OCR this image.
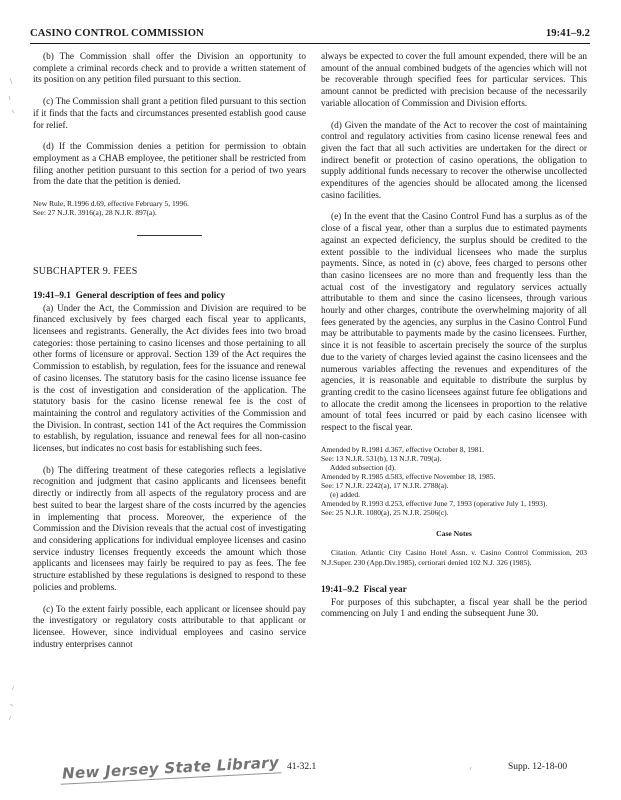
CASINO CONTROL COMMISSION	19:41–9.2

(b) The Commission shall offer the Division an opportunity to complete a criminal records check and to provide a written statement of its position on any petition filed pursuant to this section.

(c) The Commission shall grant a petition filed pursuant to this section if it finds that the facts and circumstances presented establish good cause for relief.

(d) If the Commission denies a petition for permission to obtain employment as a CHAB employee, the petitioner shall be restricted from filing another petition pursuant to this section for a period of two years from the date that the petition is denied.

New Rule, R.1996 d.69, effective February 5, 1996.

See: 27 N.J.R. 3916(a), 28 N.J.R. 897(a).

SUBCHAPTER 9. FEES

19:41–9.1 General description of fees and policy

(a) Under the Act, the Commission and Division are required to be financed exclusively by fees charged each fiscal year to applicants, licensees and registrants. Generally, the Act divides fees into two broad categories: those pertaining to casino licenses and those pertaining to all other forms of licensure or approval. Section 139 of the Act requires the Commission to establish, by regulation, fees for the issuance and renewal of casino licenses. The statutory basis for the casino license issuance fee is the cost of investigation and consideration of the application. The statutory basis for the casino license renewal fee is the cost of maintaining the control and regulatory activities of the Commission and the Division. In contrast, section 141 of the Act requires the Commission to establish, by regulation, issuance and renewal fees for all non-casino licenses, but indicates no cost basis for establishing such fees.

(b) The differing treatment of these categories reflects a legislative recognition and judgment that casino applicants and licensees benefit directly or indirectly from all aspects of the regulatory process and are best suited to bear the largest share of the costs incurred by the agencies in implementing that process. Moreover, the experience of the Commission and the Division reveals that the actual cost of investigating and considering applications for individual employee licenses and casino service industry licenses frequently exceeds the amount which those applicants and licensees may fairly be required to pay as fees. The fee structure established by these regulations is designed to respond to these policies and problems.

(c) To the extent fairly possible, each applicant or licensee should pay the investigatory or regulatory costs attributable to that applicant or licensee. However, since individual employees and casino service industry enterprises cannot

always be expected to cover the full amount expended, there will be an amount of the annual combined budgets of the agencies which will not be recoverable through specified fees for particular services. This amount cannot be predicted with precision because of the necessarily variable allocation of Commission and Division efforts.

(d) Given the mandate of the Act to recover the cost of maintaining control and regulatory activities from casino license renewal fees and given the fact that all such activities are undertaken for the direct or indirect benefit or protection of casino operations, the obligation to supply additional funds necessary to recover the otherwise uncollected expenditures of the agencies should be allocated among the licensed casino facilities.

(e) In the event that the Casino Control Fund has a surplus as of the close of a fiscal year, other than a surplus due to estimated payments against an expected deficiency, the surplus should be credited to the extent possible to the individual licensees who made the surplus payments. Since, as noted in (c) above, fees charged to persons other than casino licensees are no more than and frequently less than the actual cost of the investigatory and regulatory services actually attributable to them and since the casino licensees, through various hourly and other charges, contribute the overwhelming majority of all fees generated by the agencies, any surplus in the Casino Control Fund may be attributable to payments made by the casino licensees. Further, since it is not feasible to ascertain precisely the source of the surplus due to the variety of charges levied against the casino licensees and the numerous variables affecting the revenues and expenditures of the agencies, it is reasonable and equitable to distribute the surplus by granting credit to the casino licensees against future fee obligations and to allocate the credit among the licensees in proportion to the relative amount of total fees incurred or paid by each casino licensee with respect to the fiscal year.

Amended by R.1981 d.367, effective October 8, 1981.

See: 13 N.J.R. 531(b), 13 N.J.R. 709(a).

Added subsection (d).

Amended by R.1985 d.583, effective November 18, 1985.

See: 17 N.J.R. 2242(a), 17 N.J.R. 2788(a).

(e) added.

Amended by R.1993 d.253, effective June 7, 1993 (operative July 1, 1993).

See: 25 N.J.R. 1080(a), 25 N.J.R. 2506(c).

Case Notes

Citation. Atlantic City Casino Hotel Assn. v. Casino Control Commission, 203 N.J.Super. 230 (App.Div.1985), certiorari denied 102 N.J. 326 (1985).

19:41–9.2 Fiscal year

For purposes of this subchapter, a fiscal year shall be the period commencing on July 1 and ending the subsequent June 30.

New Jersey State Library 41-32.1	Supp. 12-18-00
